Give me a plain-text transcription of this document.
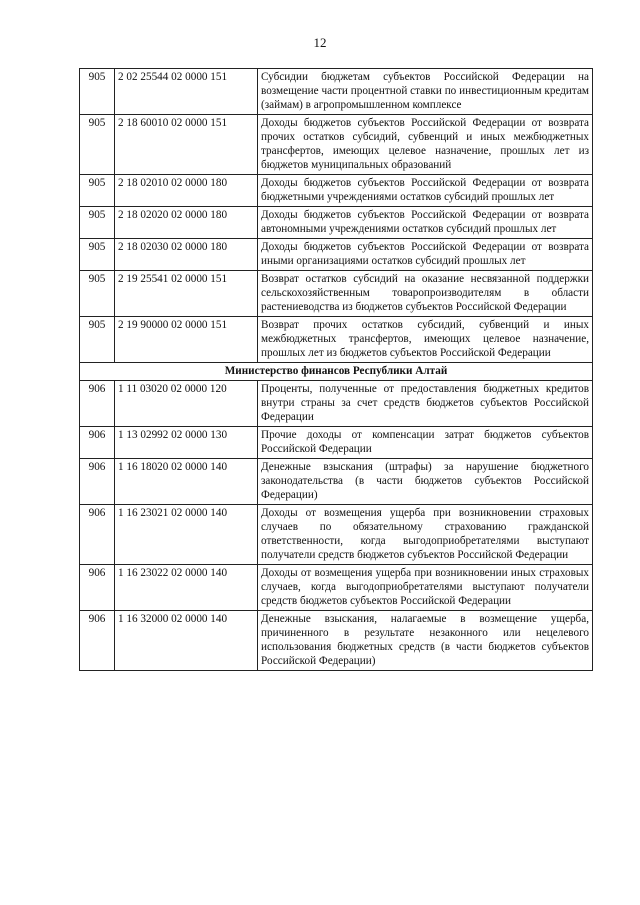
12
905	2 02 25544 02 0000 151	Субсидии бюджетам субъектов Российской Федерации на возмещение части процентной ставки по инвестиционным кредитам (займам) в агропромышленном комплексе
905	2 18 60010 02 0000 151	Доходы бюджетов субъектов Российской Федерации от возврата прочих остатков субсидий, субвенций и иных межбюджетных трансфертов, имеющих целевое назначение, прошлых лет из бюджетов муниципальных образований
905	2 18 02010 02 0000 180	Доходы бюджетов субъектов Российской Федерации от возврата бюджетными учреждениями остатков субсидий прошлых лет
905	2 18 02020 02 0000 180	Доходы бюджетов субъектов Российской Федерации от возврата автономными учреждениями остатков субсидий прошлых лет
905	2 18 02030 02 0000 180	Доходы бюджетов субъектов Российской Федерации от возврата иными организациями остатков субсидий прошлых лет
905	2 19 25541 02 0000 151	Возврат остатков субсидий на оказание несвязанной поддержки сельскохозяйственным товаропроизводителям в области растениеводства из бюджетов субъектов Российской Федерации
905	2 19 90000 02 0000 151	Возврат прочих остатков субсидий, субвенций и иных межбюджетных трансфертов, имеющих целевое назначение, прошлых лет из бюджетов субъектов Российской Федерации
Министерство финансов Республики Алтай		
906	1 11 03020 02 0000 120	Проценты, полученные от предоставления бюджетных кредитов внутри страны за счет средств бюджетов субъектов Российской Федерации
906	1 13 02992 02 0000 130	Прочие доходы от компенсации затрат бюджетов субъектов Российской Федерации
906	1 16 18020 02 0000 140	Денежные взыскания (штрафы) за нарушение бюджетного законодательства (в части бюджетов субъектов Российской Федерации)
906	1 16 23021 02 0000 140	Доходы от возмещения ущерба при возникновении страховых случаев по обязательному страхованию гражданской ответственности, когда выгодоприобретателями выступают получатели средств бюджетов субъектов Российской Федерации
906	1 16 23022 02 0000 140	Доходы от возмещения ущерба при возникновении иных страховых случаев, когда выгодоприобретателями выступают получатели средств бюджетов субъектов Российской Федерации
906	1 16 32000 02 0000 140	Денежные взыскания, налагаемые в возмещение ущерба, причиненного в результате незаконного или нецелевого использования бюджетных средств (в части бюджетов субъектов Российской Федерации)
